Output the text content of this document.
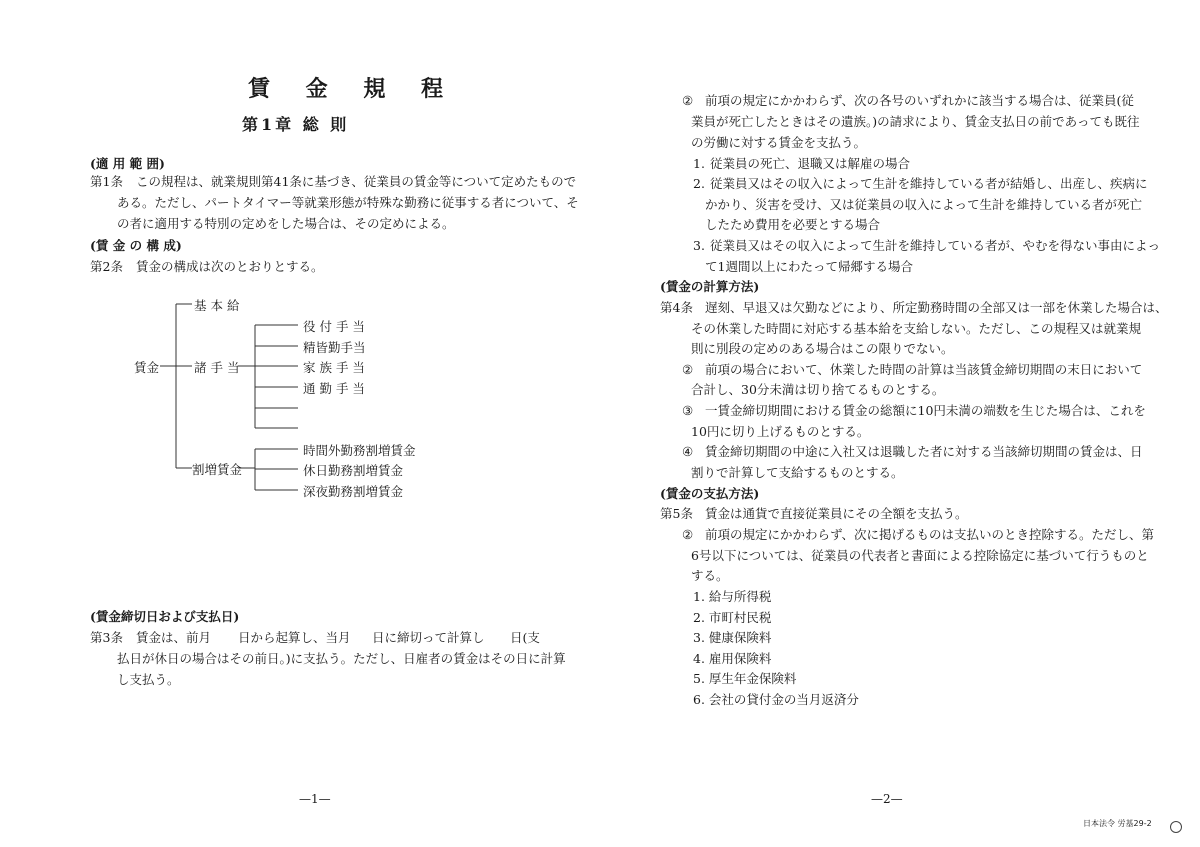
賃 金 規 程
第1章 総 則
(適 用 範 囲)
第1条 この規程は、就業規則第41条に基づき、従業員の賃金等について定めたもので
ある。ただし、パートタイマー等就業形態が特殊な勤務に従事する者について、そ
の者に適用する特別の定めをした場合は、その定めによる。
(賃 金 の 構 成)
第2条 賃金の構成は次のとおりとする。
賃金
基 本 給
諸 手 当
割増賃金
役 付 手 当
精皆勤手当
家 族 手 当
通 勤 手 当
時間外勤務割増賃金
休日勤務割増賃金
深夜勤務割増賃金
(賃金締切日および支払日)
第3条 賃金は、前月 日から起算し、当月 日に締切って計算し 日(支
払日が休日の場合はその前日。)に支払う。ただし、日雇者の賃金はその日に計算
し支払う。
—1—
② 前項の規定にかかわらず、次の各号のいずれかに該当する場合は、従業員(従
業員が死亡したときはその遺族。)の請求により、賃金支払日の前であっても既往
の労働に対する賃金を支払う。
1. 従業員の死亡、退職又は解雇の場合
2. 従業員又はその収入によって生計を維持している者が結婚し、出産し、疾病に
かかり、災害を受け、又は従業員の収入によって生計を維持している者が死亡
したため費用を必要とする場合
3. 従業員又はその収入によって生計を維持している者が、やむを得ない事由によっ
て1週間以上にわたって帰郷する場合
(賃金の計算方法)
第4条 遅刻、早退又は欠勤などにより、所定勤務時間の全部又は一部を休業した場合は、
その休業した時間に対応する基本給を支給しない。ただし、この規程又は就業規
則に別段の定めのある場合はこの限りでない。
② 前項の場合において、休業した時間の計算は当該賃金締切期間の末日において
合計し、30分未満は切り捨てるものとする。
③ 一賃金締切期間における賃金の総額に10円未満の端数を生じた場合は、これを
10円に切り上げるものとする。
④ 賃金締切期間の中途に入社又は退職した者に対する当該締切期間の賃金は、日
割りで計算して支給するものとする。
(賃金の支払方法)
第5条 賃金は通貨で直接従業員にその全額を支払う。
② 前項の規定にかかわらず、次に掲げるものは支払いのとき控除する。ただし、第
6号以下については、従業員の代表者と書面による控除協定に基づいて行うものと
する。
1. 給与所得税
2. 市町村民税
3. 健康保険料
4. 雇用保険料
5. 厚生年金保険料
6. 会社の貸付金の当月返済分
—2—
日本法令 労基29-2
